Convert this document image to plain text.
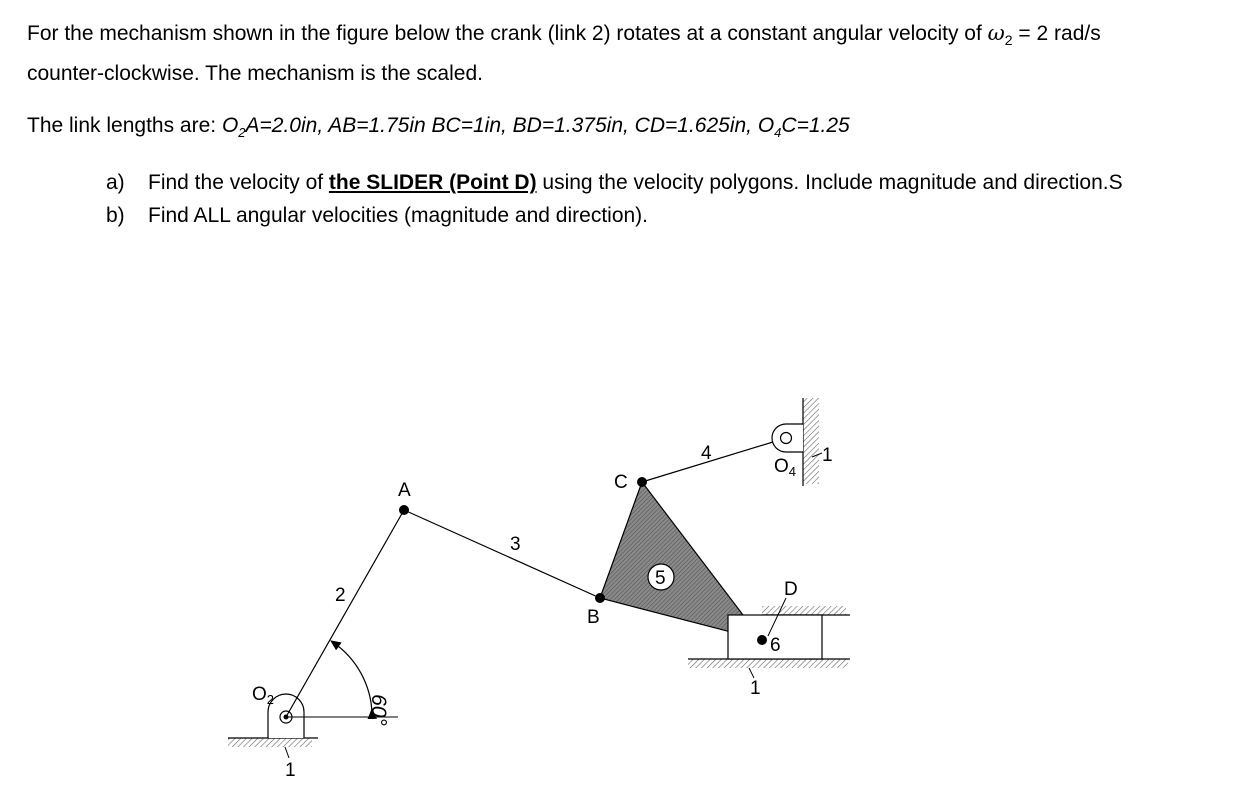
For the mechanism shown in the figure below the crank (link 2) rotates at a constant angular velocity of $\omega_2 = 2$ rad/s
counter-clockwise. The mechanism is the scaled.

The link lengths are: $O_2A=2.0in$, AB=1.75in BC=1in, BD=1.375in, CD=1.625in, $O_4C=1.25$

a) Find the velocity of the SLIDER (Point D) using the velocity polygons. Include magnitude and direction.S
b) Find ALL angular velocities (magnitude and direction).
A
B
C
D
$O_2$
$O_4$
2
3
4
5
6
1
1
1
60°
